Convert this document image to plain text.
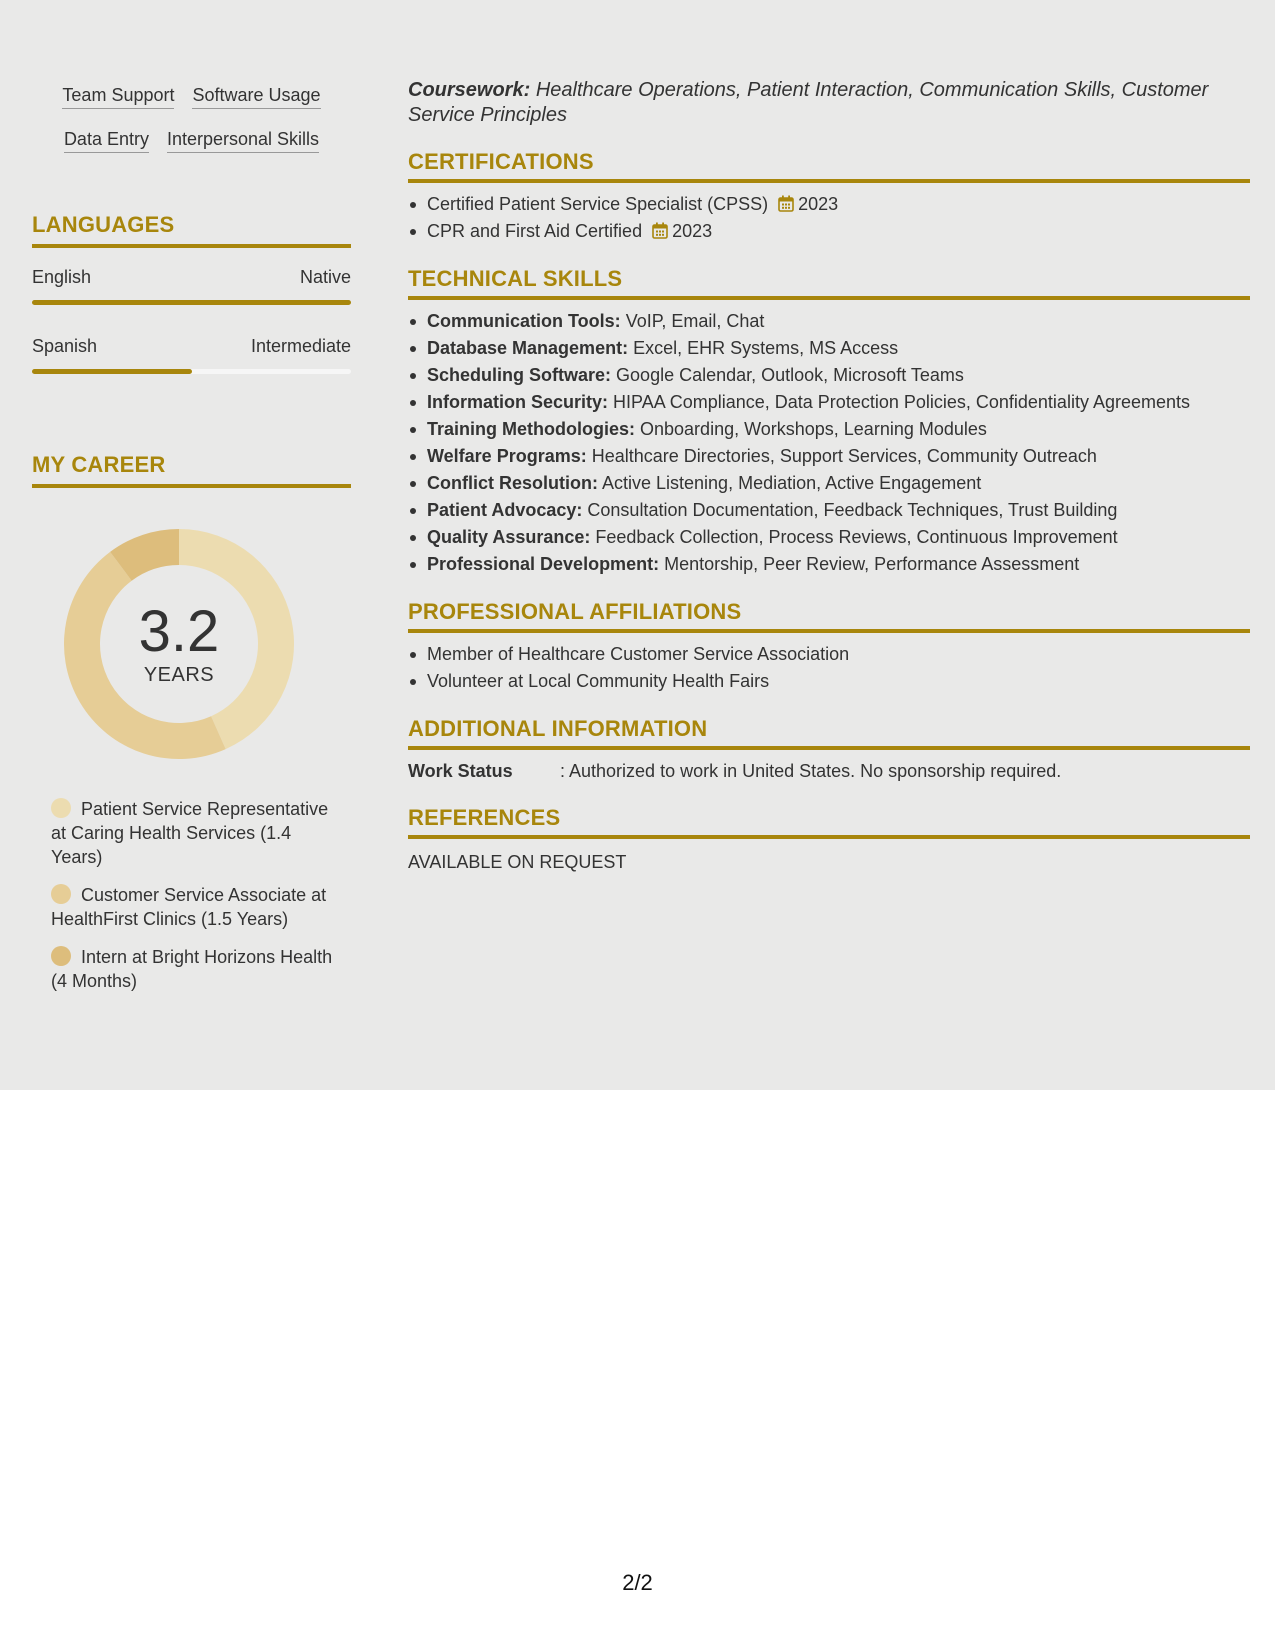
Team Support Software Usage
Data Entry Interpersonal Skills
LANGUAGES
English	Native
Spanish	Intermediate
MY CAREER
3.2
YEARS
Patient Service Representative at Caring Health Services (1.4 Years)
Customer Service Associate at HealthFirst Clinics (1.5 Years)
Intern at Bright Horizons Health (4 Months)
Coursework: Healthcare Operations, Patient Interaction, Communication Skills, Customer Service Principles
CERTIFICATIONS
Certified Patient Service Specialist (CPSS) 2023
CPR and First Aid Certified 2023
TECHNICAL SKILLS
Communication Tools: VoIP, Email, Chat
Database Management: Excel, EHR Systems, MS Access
Scheduling Software: Google Calendar, Outlook, Microsoft Teams
Information Security: HIPAA Compliance, Data Protection Policies, Confidentiality Agreements
Training Methodologies: Onboarding, Workshops, Learning Modules
Welfare Programs: Healthcare Directories, Support Services, Community Outreach
Conflict Resolution: Active Listening, Mediation, Active Engagement
Patient Advocacy: Consultation Documentation, Feedback Techniques, Trust Building
Quality Assurance: Feedback Collection, Process Reviews, Continuous Improvement
Professional Development: Mentorship, Peer Review, Performance Assessment
PROFESSIONAL AFFILIATIONS
Member of Healthcare Customer Service Association
Volunteer at Local Community Health Fairs
ADDITIONAL INFORMATION
Work Status	: Authorized to work in United States. No sponsorship required.
REFERENCES
AVAILABLE ON REQUEST
2/2
